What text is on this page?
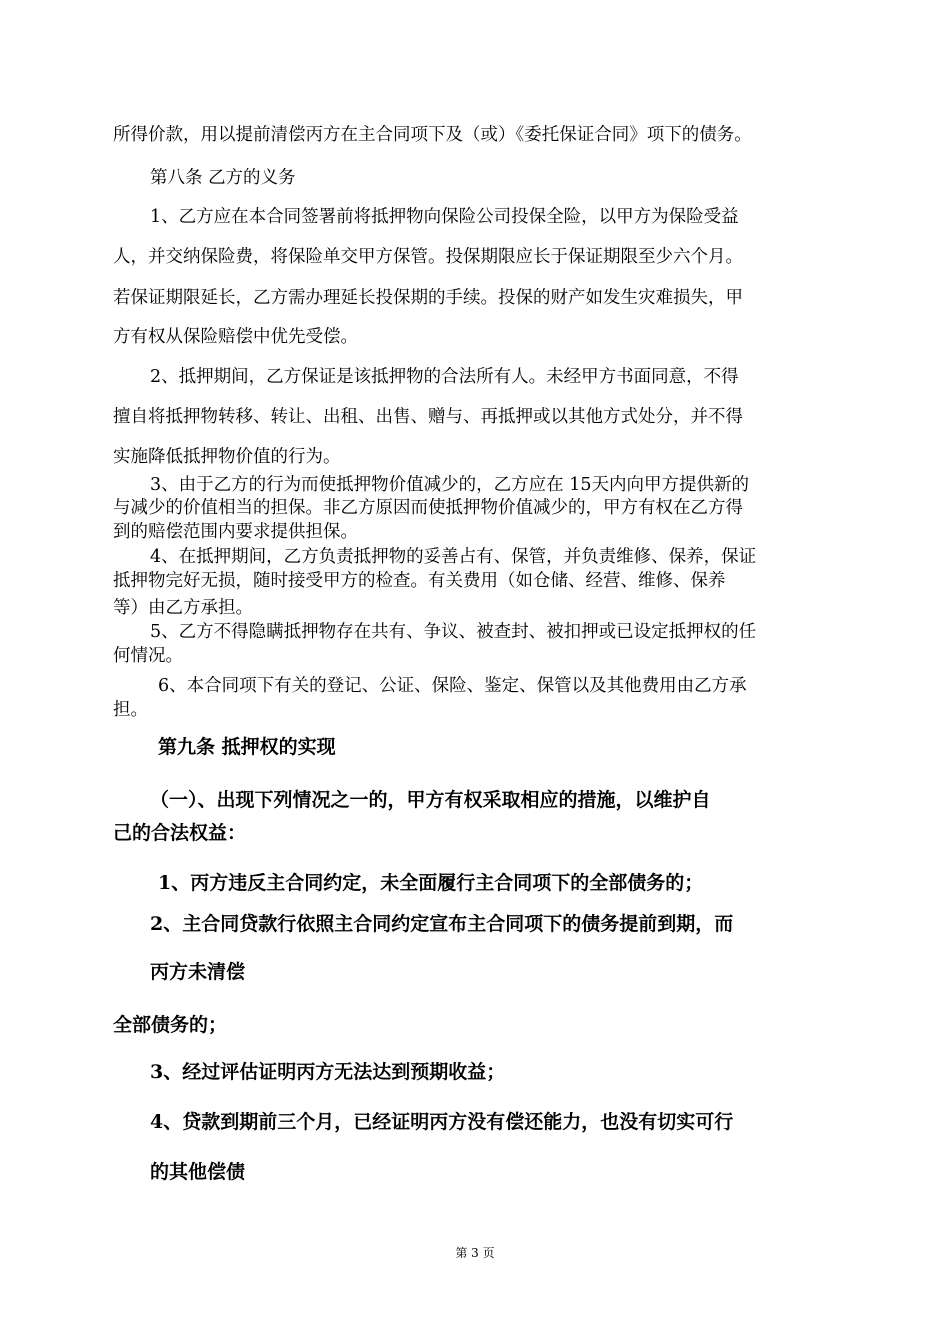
所得价款，用以提前清偿丙方在主合同项下及（或）《委托保证合同》项下的债务。
第八条 乙方的义务
1、乙方应在本合同签署前将抵押物向保险公司投保全险，以甲方为保险受益
人，并交纳保险费，将保险单交甲方保管。投保期限应长于保证期限至少六个月。
若保证期限延长，乙方需办理延长投保期的手续。投保的财产如发生灾难损失，甲
方有权从保险赔偿中优先受偿。
2、抵押期间，乙方保证是该抵押物的合法所有人。未经甲方书面同意，不得
擅自将抵押物转移、转让、出租、出售、赠与、再抵押或以其他方式处分，并不得
实施降低抵押物价值的行为。
3、由于乙方的行为而使抵押物价值减少的，乙方应在 15天内向甲方提供新的
与减少的价值相当的担保。非乙方原因而使抵押物价值减少的，甲方有权在乙方得
到的赔偿范围内要求提供担保。
4、在抵押期间，乙方负责抵押物的妥善占有、保管，并负责维修、保养，保证
抵押物完好无损，随时接受甲方的检查。有关费用（如仓储、经营、维修、保养
等）由乙方承担。
5、乙方不得隐瞒抵押物存在共有、争议、被查封、被扣押或已设定抵押权的任
何情况。
6、本合同项下有关的登记、公证、保险、鉴定、保管以及其他费用由乙方承
担。
第九条 抵押权的实现
（一）、出现下列情况之一的，甲方有权采取相应的措施，以维护自
己的合法权益：
1、丙方违反主合同约定，未全面履行主合同项下的全部债务的；
2、主合同贷款行依照主合同约定宣布主合同项下的债务提前到期，而
丙方未清偿
全部债务的；
3、经过评估证明丙方无法达到预期收益；
4、贷款到期前三个月，已经证明丙方没有偿还能力，也没有切实可行
的其他偿债
第 3 页
